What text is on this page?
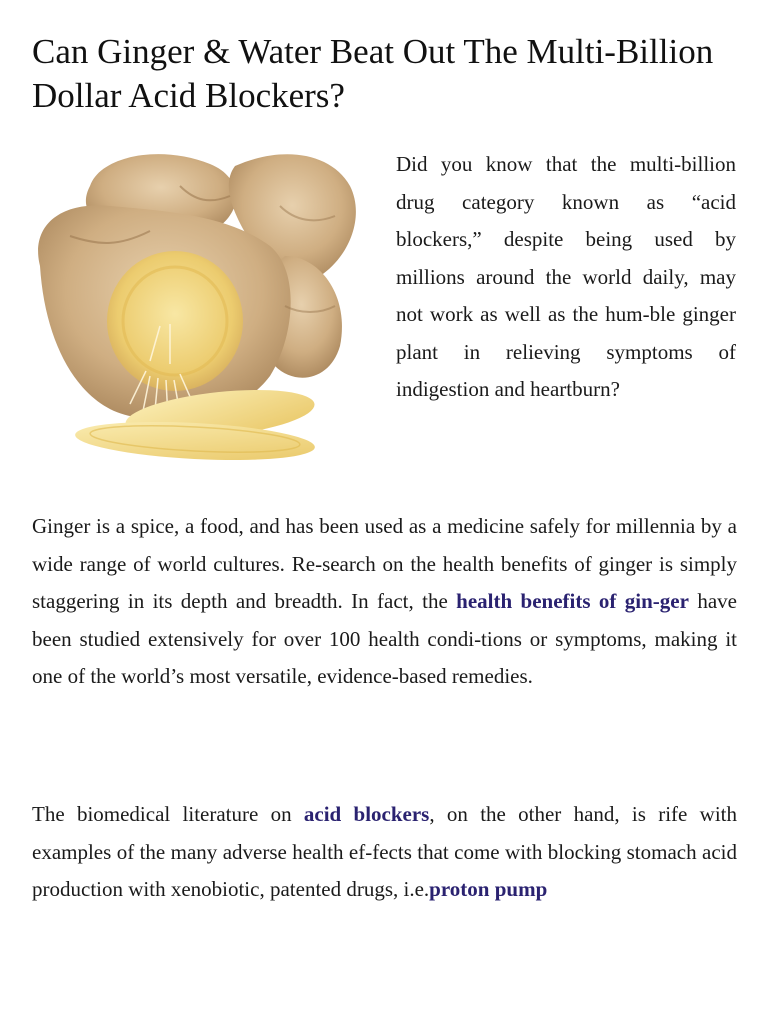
Can Ginger & Water Beat Out The Multi-Billion Dollar Acid Blockers?

Did you know that the multi-billion drug category known as “acid blockers,” despite being used by millions around the world daily, may not work as well as the hum-ble ginger plant in relieving symptoms of indigestion and heartburn?

Ginger is a spice, a food, and has been used as a medicine safely for millennia by a wide range of world cultures. Re-search on the health benefits of ginger is simply staggering in its depth and breadth. In fact, the health benefits of gin-ger have been studied extensively for over 100 health condi-tions or symptoms, making it one of the world’s most versatile, evidence-based remedies.

The biomedical literature on acid blockers, on the other hand, is rife with examples of the many adverse health ef-fects that come with blocking stomach acid production with xenobiotic, patented drugs, i.e.proton pump
